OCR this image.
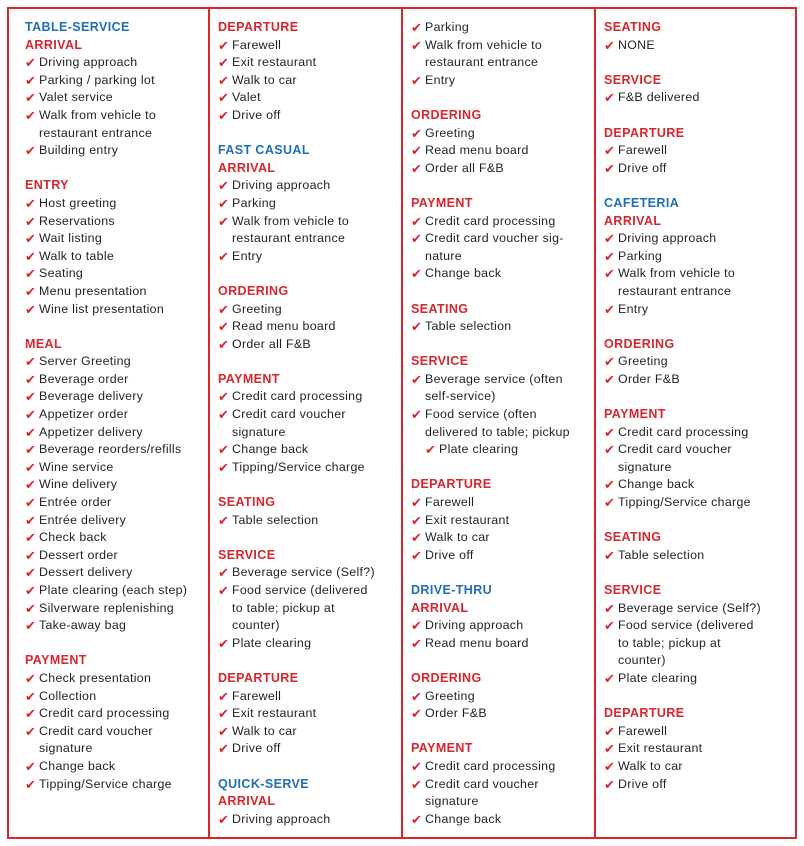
TABLE-SERVICE
ARRIVAL
✔ Driving approach
✔ Parking / parking lot
✔ Valet service
✔ Walk from vehicle to restaurant entrance
✔ Building entry
ENTRY
✔ Host greeting
✔ Reservations
✔ Wait listing
✔ Walk to table
✔ Seating
✔ Menu presentation
✔ Wine list presentation
MEAL
✔ Server Greeting
✔ Beverage order
✔ Beverage delivery
✔ Appetizer order
✔ Appetizer delivery
✔ Beverage reorders/refills
✔ Wine service
✔ Wine delivery
✔ Entrée order
✔ Entrée delivery
✔ Check back
✔ Dessert order
✔ Dessert delivery
✔ Plate clearing (each step)
✔ Silverware replenishing
✔ Take-away bag
PAYMENT
✔ Check presentation
✔ Collection
✔ Credit card processing
✔ Credit card voucher signature
✔ Change back
✔ Tipping/Service charge
DEPARTURE
✔ Farewell
✔ Exit restaurant
✔ Walk to car
✔ Valet
✔ Drive off
FAST CASUAL
ARRIVAL
✔ Driving approach
✔ Parking
✔ Walk from vehicle to restaurant entrance
✔ Entry
ORDERING
✔ Greeting
✔ Read menu board
✔ Order all F&B
PAYMENT
✔ Credit card processing
✔ Credit card voucher signature
✔ Change back
✔ Tipping/Service charge
SEATING
✔ Table selection
SERVICE
✔ Beverage service (Self?)
✔ Food service (delivered to table; pickup at counter)
✔ Plate clearing
DEPARTURE
✔ Farewell
✔ Exit restaurant
✔ Walk to car
✔ Drive off
QUICK-SERVE
ARRIVAL
✔ Driving approach
✔ Parking
✔ Walk from vehicle to restaurant entrance
✔ Entry
ORDERING
✔ Greeting
✔ Read menu board
✔ Order all F&B
PAYMENT
✔ Credit card processing
✔ Credit card voucher sig-nature
✔ Change back
SEATING
✔ Table selection
SERVICE
✔ Beverage service (often self-service)
✔ Food service (often delivered to table; pickup
✔ Plate clearing
DEPARTURE
✔ Farewell
✔ Exit restaurant
✔ Walk to car
✔ Drive off
DRIVE-THRU
ARRIVAL
✔ Driving approach
✔ Read menu board
ORDERING
✔ Greeting
✔ Order F&B
PAYMENT
✔ Credit card processing
✔ Credit card voucher signature
✔ Change back
SEATING
✔ NONE
SERVICE
✔ F&B delivered
DEPARTURE
✔ Farewell
✔ Drive off
CAFETERIA
ARRIVAL
✔ Driving approach
✔ Parking
✔ Walk from vehicle to restaurant entrance
✔ Entry
ORDERING
✔ Greeting
✔ Order F&B
PAYMENT
✔ Credit card processing
✔ Credit card voucher signature
✔ Change back
✔ Tipping/Service charge
SEATING
✔ Table selection
SERVICE
✔ Beverage service (Self?)
✔ Food service (delivered to table; pickup at counter)
✔ Plate clearing
DEPARTURE
✔ Farewell
✔ Exit restaurant
✔ Walk to car
✔ Drive off
